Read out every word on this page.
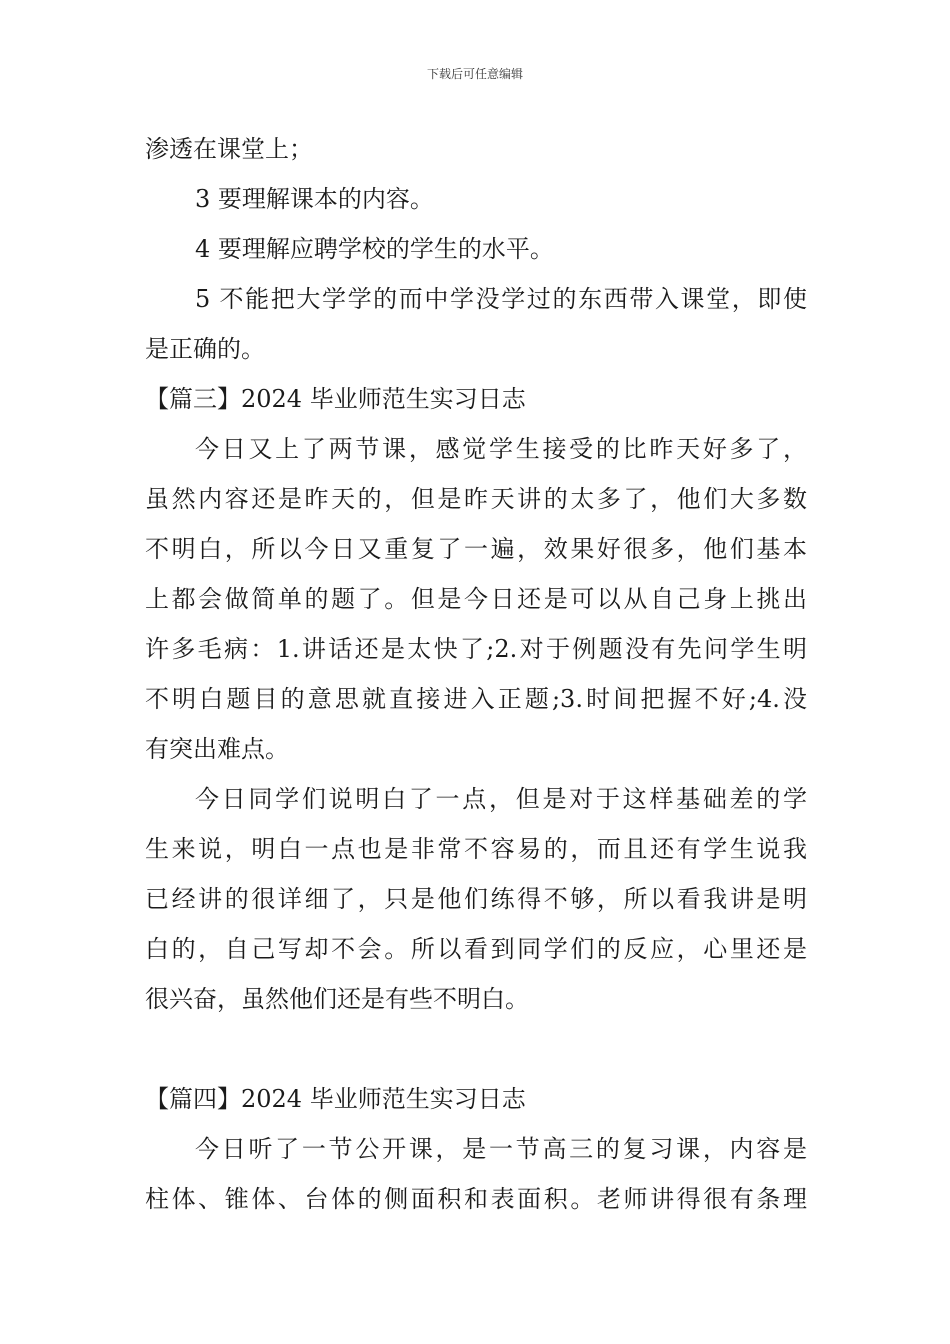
下载后可任意编辑
渗透在课堂上；
3 要理解课本的内容。
4 要理解应聘学校的学生的水平。
5 不能把大学学的而中学没学过的东西带入课堂，即使
是正确的。
【篇三】2024 毕业师范生实习日志
今日又上了两节课，感觉学生接受的比昨天好多了，
虽然内容还是昨天的，但是昨天讲的太多了，他们大多数
不明白，所以今日又重复了一遍，效果好很多，他们基本
上都会做简单的题了。但是今日还是可以从自己身上挑出
许多毛病：1.讲话还是太快了;2.对于例题没有先问学生明
不明白题目的意思就直接进入正题;3.时间把握不好;4.没
有突出难点。
今日同学们说明白了一点，但是对于这样基础差的学
生来说，明白一点也是非常不容易的，而且还有学生说我
已经讲的很详细了，只是他们练得不够，所以看我讲是明
白的，自己写却不会。所以看到同学们的反应，心里还是
很兴奋，虽然他们还是有些不明白。
【篇四】2024 毕业师范生实习日志
今日听了一节公开课，是一节高三的复习课，内容是
柱体、锥体、台体的侧面积和表面积。老师讲得很有条理
